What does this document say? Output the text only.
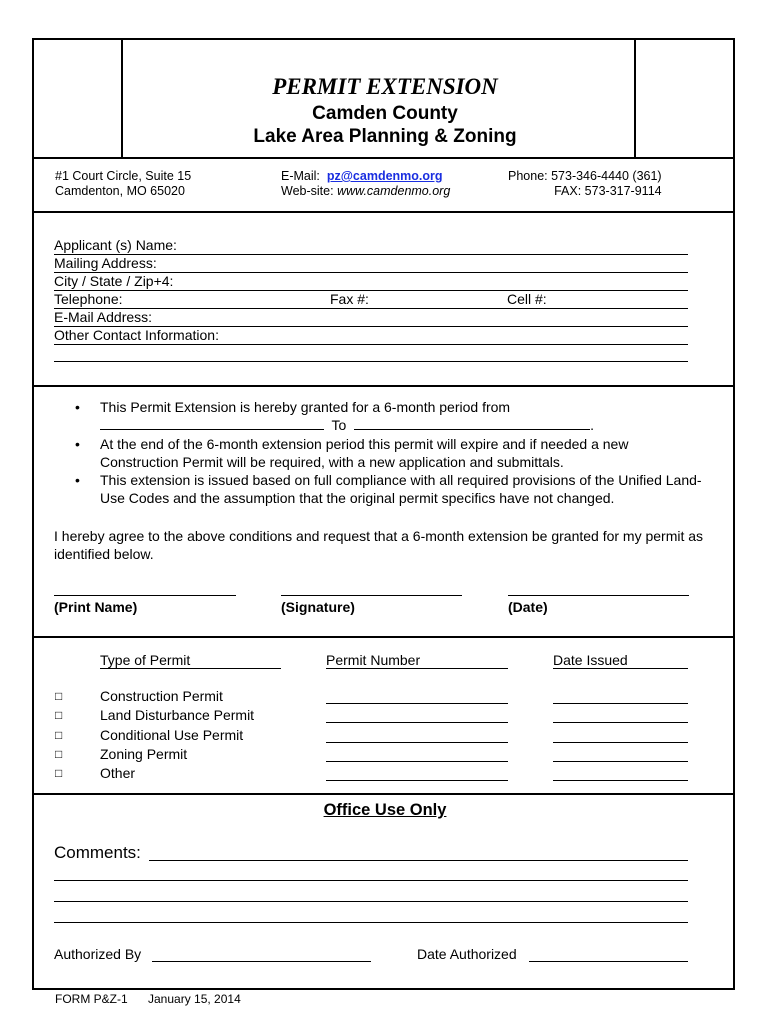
PERMIT EXTENSION
Camden County
Lake Area Planning & Zoning
#1 Court Circle, Suite 15
Camdenton, MO 65020
E-Mail: pz@camdenmo.org
Web-site: www.camdenmo.org
Phone: 573-346-4440 (361)
FAX: 573-317-9114
Applicant (s) Name:
Mailing Address:
City / State / Zip+4:
Telephone:	Fax #:	Cell #:
E-Mail Address:
Other Contact Information:
• This Permit Extension is hereby granted for a 6-month period from
To	.
• At the end of the 6-month extension period this permit will expire and if needed a new Construction Permit will be required, with a new application and submittals.
• This extension is issued based on full compliance with all required provisions of the Unified Land-Use Codes and the assumption that the original permit specifics have not changed.
I hereby agree to the above conditions and request that a 6-month extension be granted for my permit as identified below.
(Print Name)	(Signature)	(Date)
Type of Permit	Permit Number	Date Issued
□	Construction Permit
□	Land Disturbance Permit
□	Conditional Use Permit
□	Zoning Permit
□	Other
Office Use Only
Comments:
Authorized By	Date Authorized
FORM P&Z-1 January 15, 2014
